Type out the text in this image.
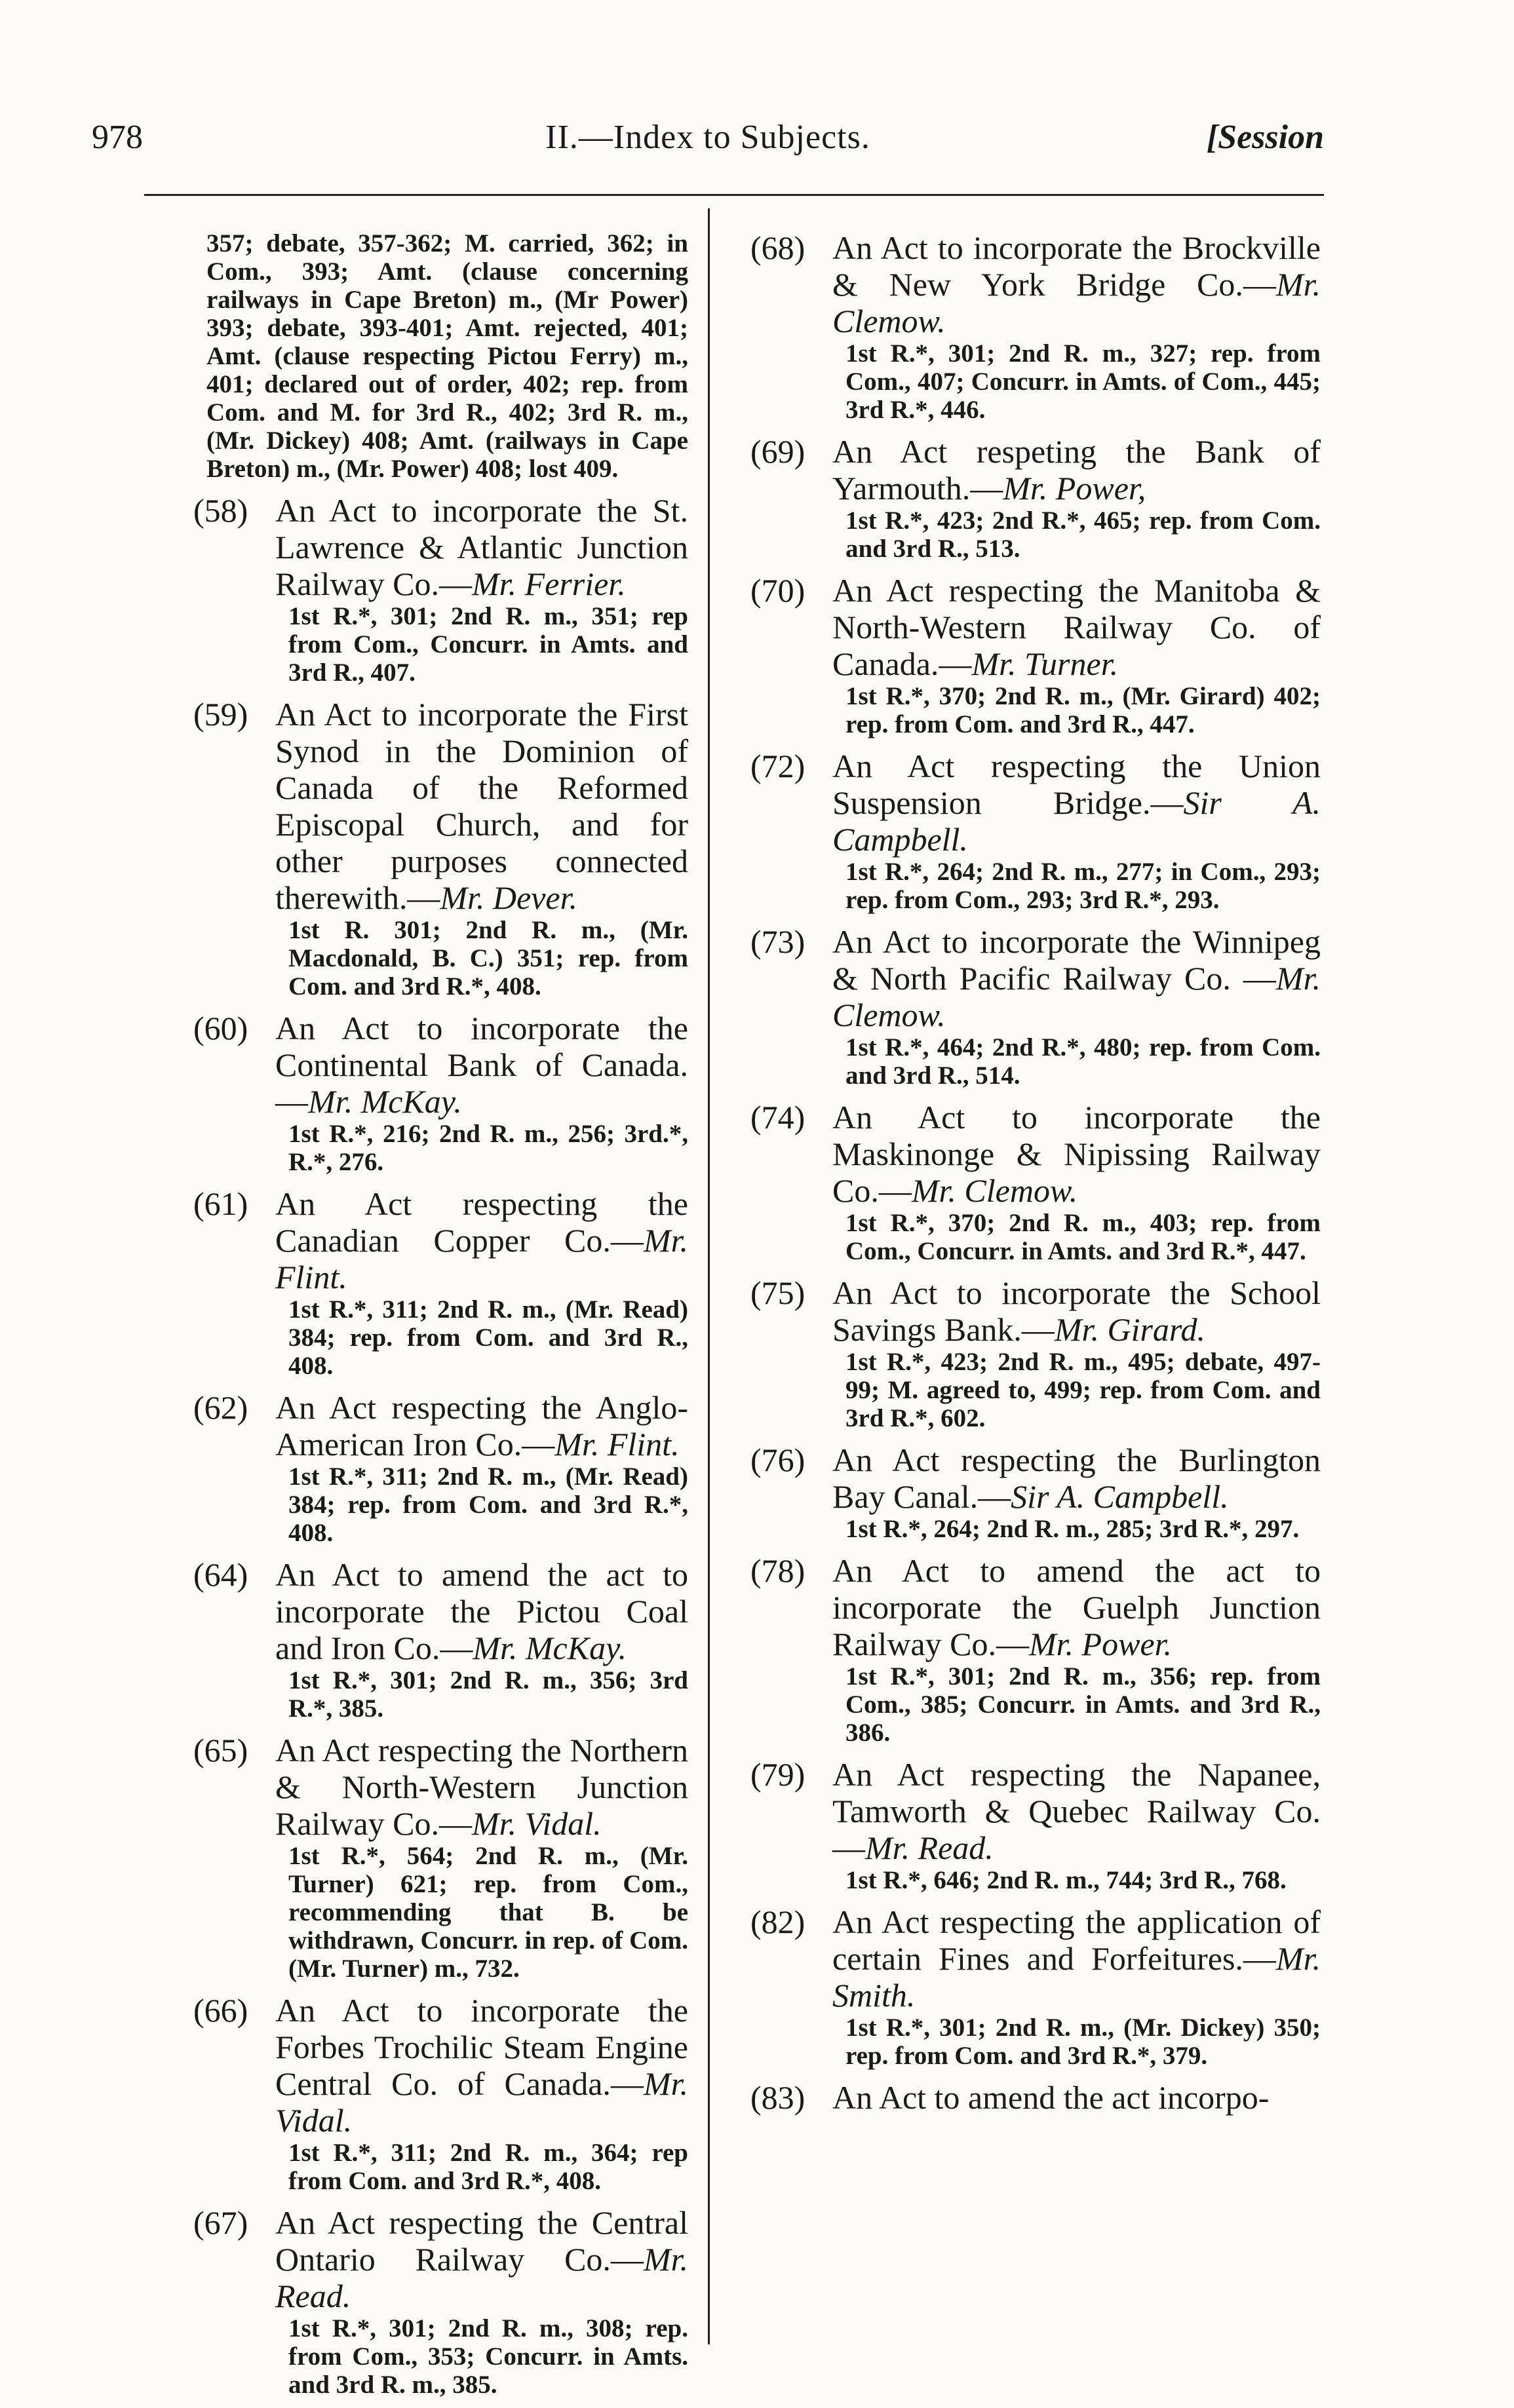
978	II.—Index to Subjects.	[Session
357; debate, 357-362; M. carried, 362; in Com., 393; Amt. (clause concerning railways in Cape Breton) m., (Mr Power) 393; debate, 393-401; Amt. rejected, 401; Amt. (clause respecting Pictou Ferry) m., 401; declared out of order, 402; rep. from Com. and M. for 3rd R., 402; 3rd R. m., (Mr. Dickey) 408; Amt. (railways in Cape Breton) m., (Mr. Power) 408; lost 409.
(58) An Act to incorporate the St. Lawrence & Atlantic Junction Railway Co.—Mr. Ferrier.
1st R.*, 301; 2nd R. m., 351; rep from Com., Concurr. in Amts. and 3rd R., 407.
(59) An Act to incorporate the First Synod in the Dominion of Canada of the Reformed Episcopal Church, and for other purposes connected therewith.—Mr. Dever.
1st R. 301; 2nd R. m., (Mr. Macdonald, B. C.) 351; rep. from Com. and 3rd R.*, 408.
(60) An Act to incorporate the Continental Bank of Canada.—Mr. McKay.
1st R.*, 216; 2nd R. m., 256; 3rd.*, R.*, 276.
(61) An Act respecting the Canadian Copper Co.—Mr. Flint.
1st R.*, 311; 2nd R. m., (Mr. Read) 384; rep. from Com. and 3rd R., 408.
(62) An Act respecting the Anglo-American Iron Co.—Mr. Flint.
1st R.*, 311; 2nd R. m., (Mr. Read) 384; rep. from Com. and 3rd R.*, 408.
(64) An Act to amend the act to incorporate the Pictou Coal and Iron Co.—Mr. McKay.
1st R.*, 301; 2nd R. m., 356; 3rd R.*, 385.
(65) An Act respecting the Northern & North-Western Junction Railway Co.—Mr. Vidal.
1st R.*, 564; 2nd R. m., (Mr. Turner) 621; rep. from Com., recommending that B. be withdrawn, Concurr. in rep. of Com. (Mr. Turner) m., 732.
(66) An Act to incorporate the Forbes Trochilic Steam Engine Central Co. of Canada.—Mr. Vidal.
1st R.*, 311; 2nd R. m., 364; rep from Com. and 3rd R.*, 408.
(67) An Act respecting the Central Ontario Railway Co.—Mr. Read.
1st R.*, 301; 2nd R. m., 308; rep. from Com., 353; Concurr. in Amts. and 3rd R. m., 385.
(68) An Act to incorporate the Brockville & New York Bridge Co.—Mr. Clemow.
1st R.*, 301; 2nd R. m., 327; rep. from Com., 407; Concurr. in Amts. of Com., 445; 3rd R.*, 446.
(69) An Act respeting the Bank of Yarmouth.—Mr. Power,
1st R.*, 423; 2nd R.*, 465; rep. from Com. and 3rd R., 513.
(70) An Act respecting the Manitoba & North-Western Railway Co. of Canada.—Mr. Turner.
1st R.*, 370; 2nd R. m., (Mr. Girard) 402; rep. from Com. and 3rd R., 447.
(72) An Act respecting the Union Suspension Bridge.—Sir A. Campbell.
1st R.*, 264; 2nd R. m., 277; in Com., 293; rep. from Com., 293; 3rd R.*, 293.
(73) An Act to incorporate the Winnipeg & North Pacific Railway Co. —Mr. Clemow.
1st R.*, 464; 2nd R.*, 480; rep. from Com. and 3rd R., 514.
(74) An Act to incorporate the Maskinonge & Nipissing Railway Co.—Mr. Clemow.
1st R.*, 370; 2nd R. m., 403; rep. from Com., Concurr. in Amts. and 3rd R.*, 447.
(75) An Act to incorporate the School Savings Bank.—Mr. Girard.
1st R.*, 423; 2nd R. m., 495; debate, 497-99; M. agreed to, 499; rep. from Com. and 3rd R.*, 602.
(76) An Act respecting the Burlington Bay Canal.—Sir A. Campbell.
1st R.*, 264; 2nd R. m., 285; 3rd R.*, 297.
(78) An Act to amend the act to incorporate the Guelph Junction Railway Co.—Mr. Power.
1st R.*, 301; 2nd R. m., 356; rep. from Com., 385; Concurr. in Amts. and 3rd R., 386.
(79) An Act respecting the Napanee, Tamworth & Quebec Railway Co. —Mr. Read.
1st R.*, 646; 2nd R. m., 744; 3rd R., 768.
(82) An Act respecting the application of certain Fines and Forfeitures.—Mr. Smith.
1st R.*, 301; 2nd R. m., (Mr. Dickey) 350; rep. from Com. and 3rd R.*, 379.
(83) An Act to amend the act incorpo-
